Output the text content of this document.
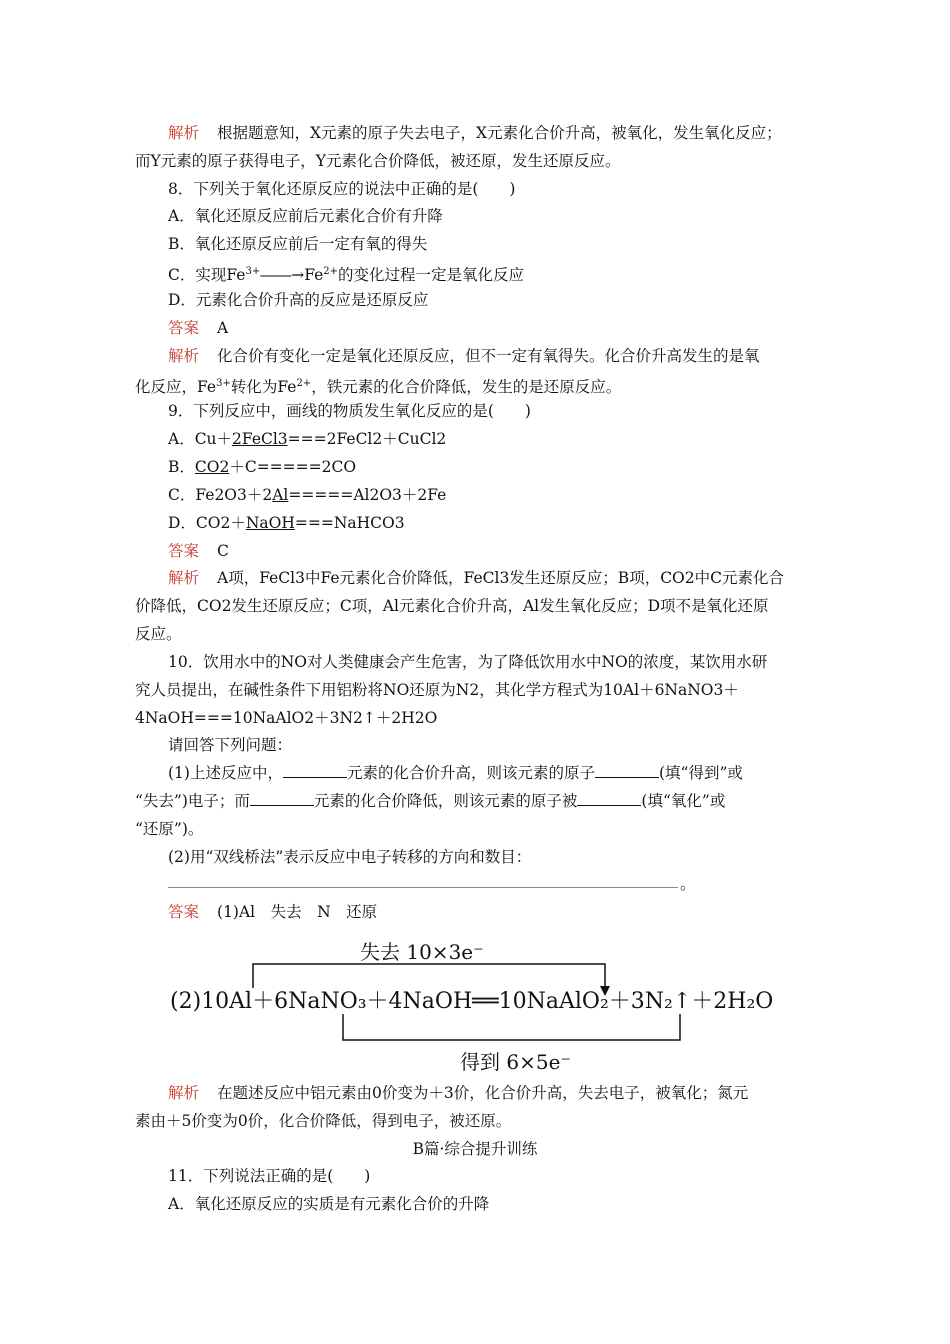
解析 根据题意知，X元素的原子失去电子，X元素化合价升高，被氧化，发生氧化反应；
而Y元素的原子获得电子，Y元素化合价降低，被还原，发生还原反应。
8．下列关于氧化还原反应的说法中正确的是(　　)
A．氧化还原反应前后元素化合价有升降
B．氧化还原反应前后一定有氧的得失
C．实现$Fe^{3+}――\to Fe^{2+}$的变化过程一定是氧化反应
D．元素化合价升高的反应是还原反应
答案 A
解析 化合价有变化一定是氧化还原反应，但不一定有氧得失。化合价升高发生的是氧
化反应，$Fe^{3+}$转化为$Fe^{2+}$，铁元素的化合价降低，发生的是还原反应。
9．下列反应中，画线的物质发生氧化反应的是(　　)
A．Cu＋2FeCl3===2FeCl2＋CuCl2
B．CO2＋C=====2CO
C．Fe2O3＋2Al=====Al2O3＋2Fe
D．CO2＋NaOH===NaHCO3
答案 C
解析 A项，FeCl3中Fe元素化合价降低，FeCl3发生还原反应；B项，CO2中C元素化合
价降低，CO2发生还原反应；C项，Al元素化合价升高，Al发生氧化反应；D项不是氧化还原
反应。
10．饮用水中的NO对人类健康会产生危害，为了降低饮用水中NO的浓度，某饮用水研
究人员提出，在碱性条件下用铝粉将NO还原为N2，其化学方程式为10Al＋6NaNO3＋
4NaOH===10NaAlO2＋3N2↑＋2H2O
请回答下列问题：
(1)上述反应中，	元素的化合价升高，则该元素的原子	(填“得到”或
“失去”)电子；而	元素的化合价降低，则该元素的原子被	(填“氧化”或
“还原”)。
(2)用“双线桥法”表示反应中电子转移的方向和数目：
。
答案 (1)Al　失去　N　还原
失去 10×3e⁻
(2)10Al＋6NaNO₃＋4NaOH══10NaAlO₂＋3N₂↑＋2H₂O
得到 6×5e⁻
解析 在题述反应中铝元素由0价变为＋3价，化合价升高，失去电子，被氧化；氮元
素由＋5价变为0价，化合价降低，得到电子，被还原。
B篇·综合提升训练
11．下列说法正确的是(　　)
A．氧化还原反应的实质是有元素化合价的升降
